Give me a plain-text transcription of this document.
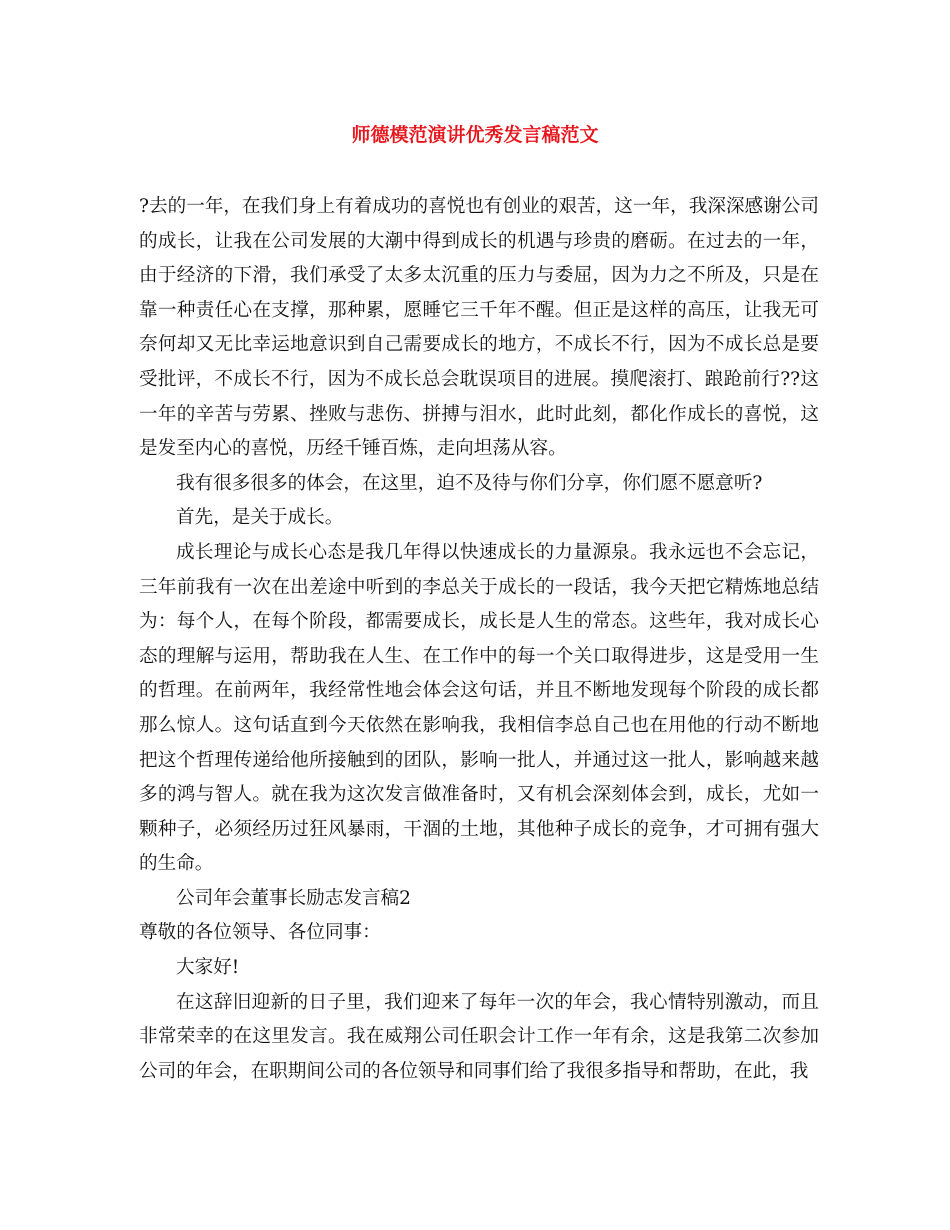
师德模范演讲优秀发言稿范文

?去的一年，在我们身上有着成功的喜悦也有创业的艰苦，这一年，我深深感谢公司的成长，让我在公司发展的大潮中得到成长的机遇与珍贵的磨砺。在过去的一年，由于经济的下滑，我们承受了太多太沉重的压力与委屈，因为力之不所及，只是在靠一种责任心在支撑，那种累，愿睡它三千年不醒。但正是这样的高压，让我无可奈何却又无比幸运地意识到自己需要成长的地方，不成长不行，因为不成长总是要受批评，不成长不行，因为不成长总会耽误项目的进展。摸爬滚打、踉跄前行??这一年的辛苦与劳累、挫败与悲伤、拼搏与泪水，此时此刻，都化作成长的喜悦，这是发至内心的喜悦，历经千锤百炼，走向坦荡从容。

我有很多很多的体会，在这里，迫不及待与你们分享，你们愿不愿意听?

首先，是关于成长。

成长理论与成长心态是我几年得以快速成长的力量源泉。我永远也不会忘记，三年前我有一次在出差途中听到的李总关于成长的一段话，我今天把它精炼地总结为：每个人，在每个阶段，都需要成长，成长是人生的常态。这些年，我对成长心态的理解与运用，帮助我在人生、在工作中的每一个关口取得进步，这是受用一生的哲理。在前两年，我经常性地会体会这句话，并且不断地发现每个阶段的成长都那么惊人。这句话直到今天依然在影响我，我相信李总自己也在用他的行动不断地把这个哲理传递给他所接触到的团队，影响一批人，并通过这一批人，影响越来越多的鸿与智人。就在我为这次发言做准备时，又有机会深刻体会到，成长，尤如一颗种子，必须经历过狂风暴雨，干涸的土地，其他种子成长的竞争，才可拥有强大的生命。

公司年会董事长励志发言稿2

尊敬的各位领导、各位同事：

大家好!

在这辞旧迎新的日子里，我们迎来了每年一次的年会，我心情特别激动，而且非常荣幸的在这里发言。我在威翔公司任职会计工作一年有余，这是我第二次参加公司的年会，在职期间公司的各位领导和同事们给了我很多指导和帮助，在此，我
